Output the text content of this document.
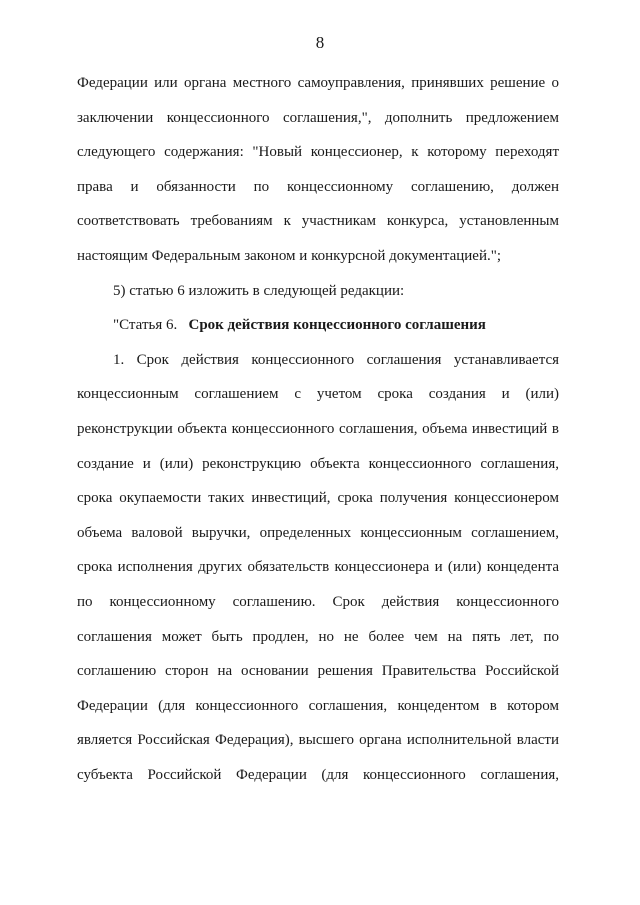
8
Федерации или органа местного самоуправления, принявших решение о
заключении концессионного соглашения,", дополнить предложением
следующего содержания: "Новый концессионер, к которому переходят
права и обязанности по концессионному соглашению, должен
соответствовать требованиям к участникам конкурса, установленным
настоящим Федеральным законом и конкурсной документацией.";
5) статью 6 изложить в следующей редакции:
"Статья 6. Срок действия концессионного соглашения
1. Срок действия концессионного соглашения устанавливается
концессионным соглашением с учетом срока создания и (или)
реконструкции объекта концессионного соглашения, объема инвестиций в
создание и (или) реконструкцию объекта концессионного соглашения,
срока окупаемости таких инвестиций, срока получения концессионером
объема валовой выручки, определенных концессионным соглашением,
срока исполнения других обязательств концессионера и (или) концедента
по концессионному соглашению. Срок действия концессионного
соглашения может быть продлен, но не более чем на пять лет, по
соглашению сторон на основании решения Правительства Российской
Федерации (для концессионного соглашения, концедентом в котором
является Российская Федерация), высшего органа исполнительной власти
субъекта Российской Федерации (для концессионного соглашения,
